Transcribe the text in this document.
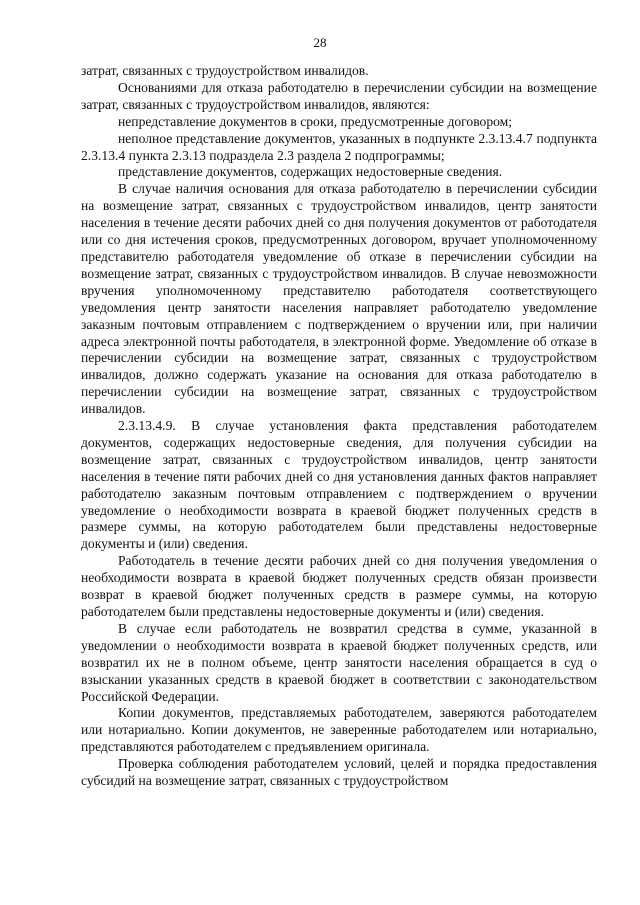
28

затрат, связанных с трудоустройством инвалидов.

Основаниями для отказа работодателю в перечислении субсидии на возмещение затрат, связанных с трудоустройством инвалидов, являются:

непредставление документов в сроки, предусмотренные договором;

неполное представление документов, указанных в подпункте 2.3.13.4.7 подпункта 2.3.13.4 пункта 2.3.13 подраздела 2.3 раздела 2 подпрограммы;

представление документов, содержащих недостоверные сведения.

В случае наличия основания для отказа работодателю в перечислении субсидии на возмещение затрат, связанных с трудоустройством инвалидов, центр занятости населения в течение десяти рабочих дней со дня получения документов от работодателя или со дня истечения сроков, предусмотренных договором, вручает уполномоченному представителю работодателя уведомление об отказе в перечислении субсидии на возмещение затрат, связанных с трудоустройством инвалидов. В случае невозможности вручения уполномоченному представителю работодателя соответствующего уведомления центр занятости населения направляет работодателю уведомление заказным почтовым отправлением с подтверждением о вручении или, при наличии адреса электронной почты работодателя, в электронной форме. Уведомление об отказе в перечислении субсидии на возмещение затрат, связанных с трудоустройством инвалидов, должно содержать указание на основания для отказа работодателю в перечислении субсидии на возмещение затрат, связанных с трудоустройством инвалидов.

2.3.13.4.9. В случае установления факта представления работодателем документов, содержащих недостоверные сведения, для получения субсидии на возмещение затрат, связанных с трудоустройством инвалидов, центр занятости населения в течение пяти рабочих дней со дня установления данных фактов направляет работодателю заказным почтовым отправлением с подтверждением о вручении уведомление о необходимости возврата в краевой бюджет полученных средств в размере суммы, на которую работодателем были представлены недостоверные документы и (или) сведения.

Работодатель в течение десяти рабочих дней со дня получения уведомления о необходимости возврата в краевой бюджет полученных средств обязан произвести возврат в краевой бюджет полученных средств в размере суммы, на которую работодателем были представлены недостоверные документы и (или) сведения.

В случае если работодатель не возвратил средства в сумме, указанной в уведомлении о необходимости возврата в краевой бюджет полученных средств, или возвратил их не в полном объеме, центр занятости населения обращается в суд о взыскании указанных средств в краевой бюджет в соответствии с законодательством Российской Федерации.

Копии документов, представляемых работодателем, заверяются работодателем или нотариально. Копии документов, не заверенные работодателем или нотариально, представляются работодателем с предъявлением оригинала.

Проверка соблюдения работодателем условий, целей и порядка предоставления субсидий на возмещение затрат, связанных с трудоустройством
